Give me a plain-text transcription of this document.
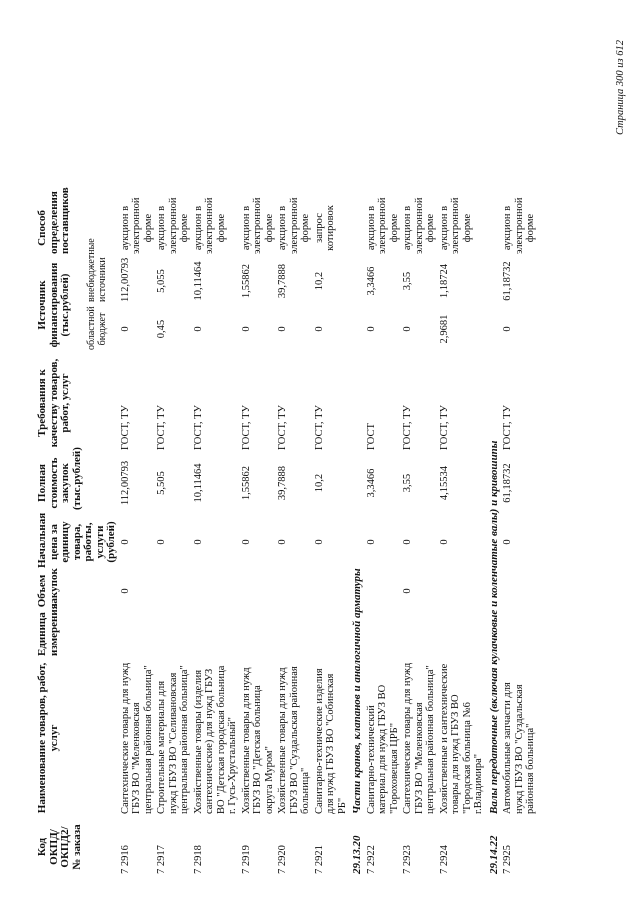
Код ОКПД/ ОКПД2/ № заказа	Наименование товаров, работ, услуг	Единица измерения	Объем закупок	Начальная цена за единицу товара, работы, услуги (рублей)	Полная стоимость закупок (тыс.рублей)	Требования к качеству товаров, работ, услуг	Источник финансирования (тыс.рублей)		Способ определения поставщиков
							областной бюджет	внебюджетные источники	
7 2916	Сантехнические товары для нужд ГБУЗ ВО "Меленковская центральная районная больница"		0	0	112,00793	ГОСТ, ТУ	0	112,00793	аукцион в электронной форме
7 2917	Строительные материалы для нужд ГБУЗ ВО "Селивановская центральная районная больница"			0	5,505	ГОСТ, ТУ	0,45	5,055	аукцион в электронной форме
7 2918	Хозяйственные товары (изделия сантехнические) для нужд ГБУЗ ВО "Детская городская больница г. Гусь-Хрустальный"			0	10,11464	ГОСТ, ТУ	0	10,11464	аукцион в электронной форме
7 2919	Хозяйственные товары для нужд ГБУЗ ВО "Детская больница округа Муром"			0	1,55862	ГОСТ, ТУ	0	1,55862	аукцион в электронной форме
7 2920	Хозяйственные товары для нужд ГБУЗ ВО "Суздальская районная больница"			0	39,7888	ГОСТ, ТУ	0	39,7888	аукцион в электронной форме
7 2921	Санитарно-технические изделия для нужд ГБУЗ ВО "Собинская РБ"			0	10,2	ГОСТ, ТУ	0	10,2	запрос котировок
29.13.20	Части кранов, клапанов и аналогичной арматуры								
7 2922	Санитарно-технический материал для нужд ГБУЗ ВО "Гороховецкая ЦРБ"			0	3,3466	ГОСТ	0	3,3466	аукцион в электронной форме
7 2923	Сантехнические товары для нужд ГБУЗ ВО "Меленковская центральная районная больница"		0	0	3,55	ГОСТ, ТУ	0	3,55	аукцион в электронной форме
7 2924	Хозяйственные и сантехнические товары для нужд ГБУЗ ВО "Городская больница №6 г.Владимира"			0	4,15534	ГОСТ, ТУ	2,9681	1,18724	аукцион в электронной форме
29.14.22	Валы передаточные (включая кулачковые и коленчатые валы) и кривошипы								
7 2925	Автомобильные запчасти для нужд ГБУЗ ВО "Суздальская районная больница"			0	61,18732	ГОСТ, ТУ	0	61,18732	аукцион в электронной форме
Страница 300 из 612
